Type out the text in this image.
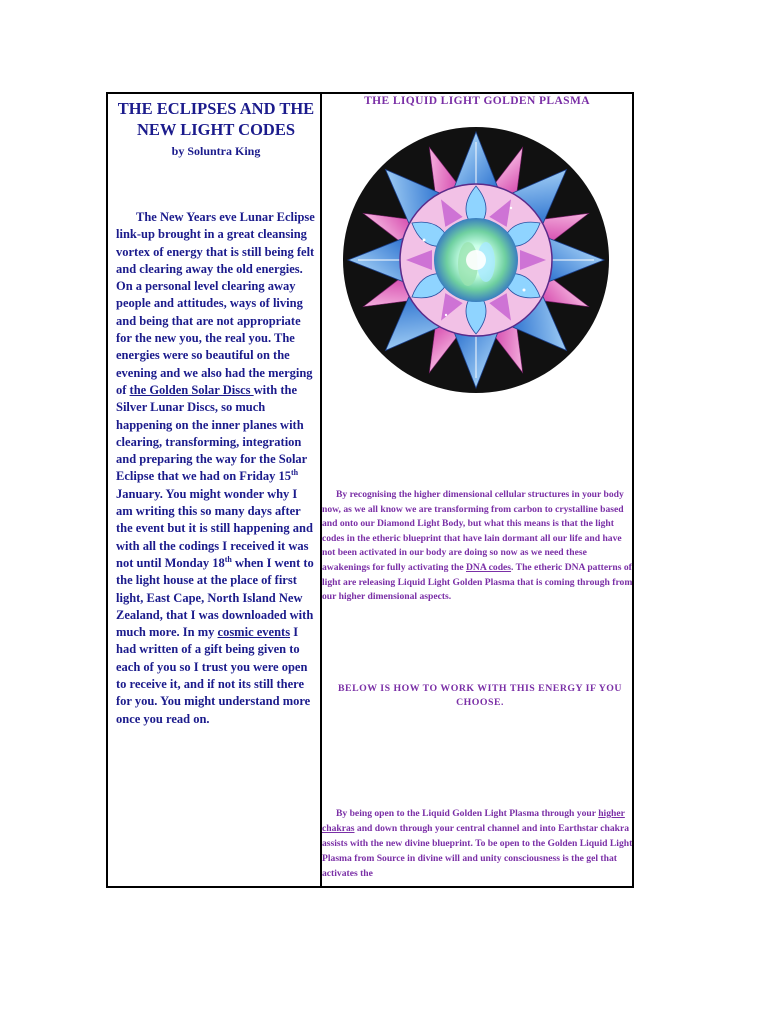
THE ECLIPSES AND THE NEW LIGHT CODES
by Soluntra King
The New Years eve Lunar Eclipse link-up brought in a great cleansing vortex of energy that is still being felt and clearing away the old energies. On a personal level clearing away people and attitudes, ways of living and being that are not appropriate for the new you, the real you. The energies were so beautiful on the evening and we also had the merging of the Golden Solar Discs with the Silver Lunar Discs, so much happening on the inner planes with clearing, transforming, integration and preparing the way for the Solar Eclipse that we had on Friday 15th January. You might wonder why I am writing this so many days after the event but it is still happening and with all the codings I received it was not until Monday 18th when I went to the light house at the place of first light, East Cape, North Island New Zealand, that I was downloaded with much more. In my cosmic events I had written of a gift being given to each of you so I trust you were open to receive it, and if not its still there for you. You might understand more once you read on.
THE LIQUID LIGHT GOLDEN PLASMA
By recognising the higher dimensional cellular structures in your body now, as we all know we are transforming from carbon to crystalline based and onto our Diamond Light Body, but what this means is that the light codes in the etheric blueprint that have lain dormant all our life and have not been activated in our body are doing so now as we need these awakenings for fully activating the DNA codes. The etheric DNA patterns of light are releasing Liquid Light Golden Plasma that is coming through from our higher dimensional aspects.
BELOW IS HOW TO WORK WITH THIS ENERGY IF YOU CHOOSE.
By being open to the Liquid Golden Light Plasma through your higher chakras and down through your central channel and into Earthstar chakra assists with the new divine blueprint. To be open to the Golden Liquid Light Plasma from Source in divine will and unity consciousness is the gel that activates the
